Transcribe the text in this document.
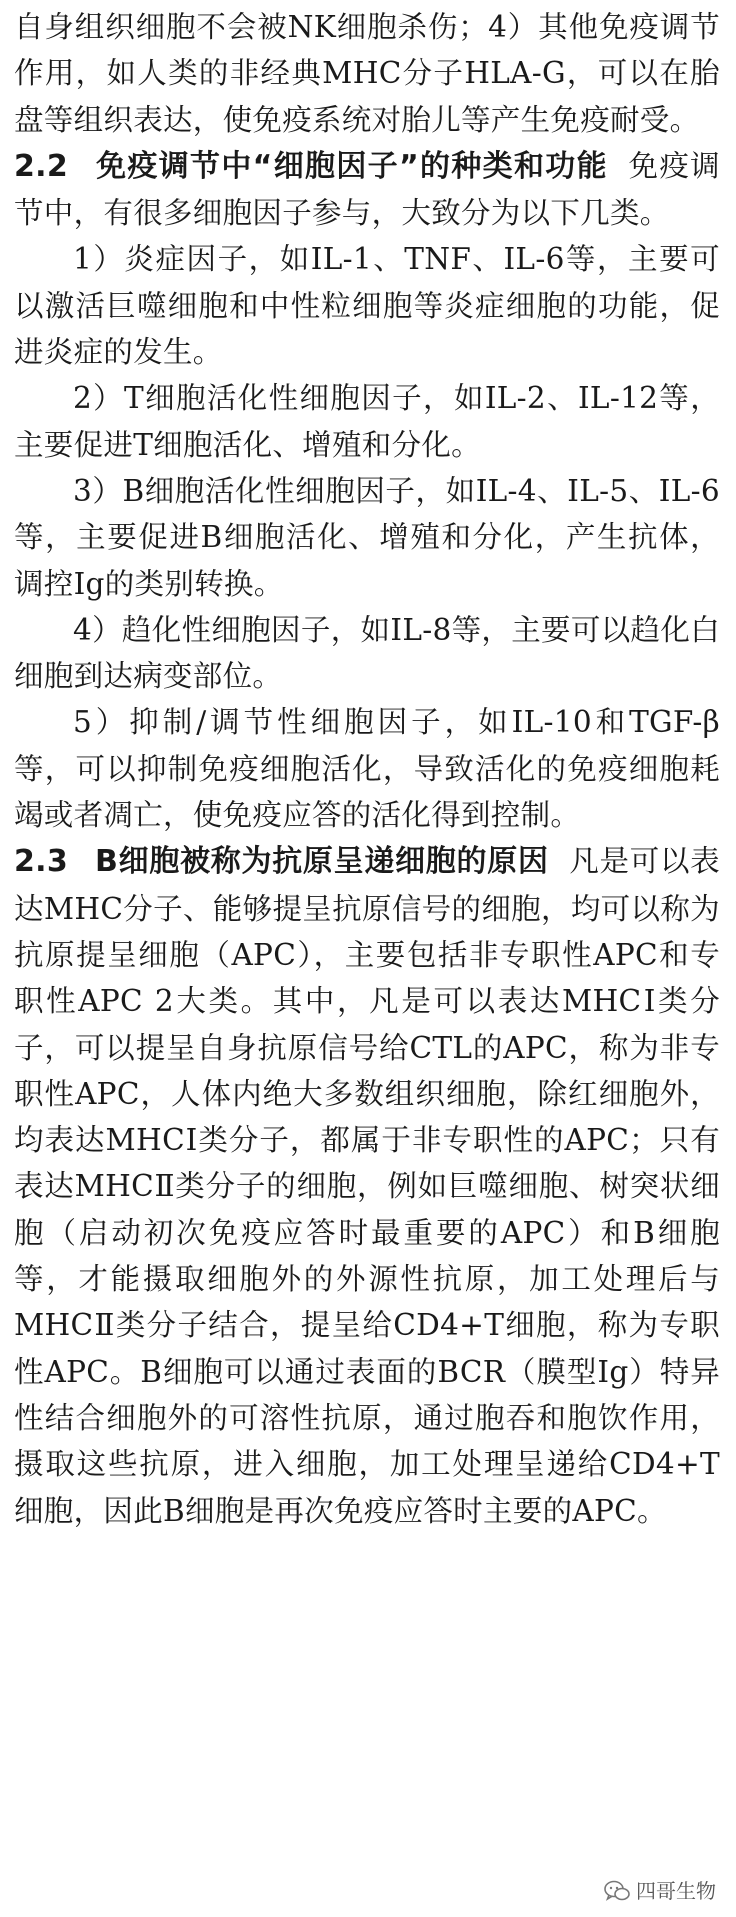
自身组织细胞不会被NK细胞杀伤；4）其他免疫调节作用，如人类的非经典MHC分子HLA-G，可以在胎盘等组织表达，使免疫系统对胎儿等产生免疫耐受。

2.2 免疫调节中“细胞因子”的种类和功能 免疫调节中，有很多细胞因子参与，大致分为以下几类。

1）炎症因子，如IL-1、TNF、IL-6等，主要可以激活巨噬细胞和中性粒细胞等炎症细胞的功能，促进炎症的发生。

2）T细胞活化性细胞因子，如IL-2、IL-12等，主要促进T细胞活化、增殖和分化。

3）B细胞活化性细胞因子，如IL-4、IL-5、IL-6等，主要促进B细胞活化、增殖和分化，产生抗体，调控Ig的类别转换。

4）趋化性细胞因子，如IL-8等，主要可以趋化白细胞到达病变部位。

5）抑制/调节性细胞因子，如IL-10和TGF-β等，可以抑制免疫细胞活化，导致活化的免疫细胞耗竭或者凋亡，使免疫应答的活化得到控制。

2.3 B细胞被称为抗原呈递细胞的原因 凡是可以表达MHC分子、能够提呈抗原信号的细胞，均可以称为抗原提呈细胞（APC），主要包括非专职性APC和专职性APC 2大类。其中，凡是可以表达MHCⅠ类分子，可以提呈自身抗原信号给CTL的APC，称为非专职性APC，人体内绝大多数组织细胞，除红细胞外，均表达MHCⅠ类分子，都属于非专职性的APC；只有表达MHCⅡ类分子的细胞，例如巨噬细胞、树突状细胞（启动初次免疫应答时最重要的APC）和B细胞等，才能摄取细胞外的外源性抗原，加工处理后与MHCⅡ类分子结合，提呈给CD4+T细胞，称为专职性APC。B细胞可以通过表面的BCR（膜型Ig）特异性结合细胞外的可溶性抗原，通过胞吞和胞饮作用，摄取这些抗原，进入细胞，加工处理呈递给CD4+T细胞，因此B细胞是再次免疫应答时主要的APC。

四哥生物
